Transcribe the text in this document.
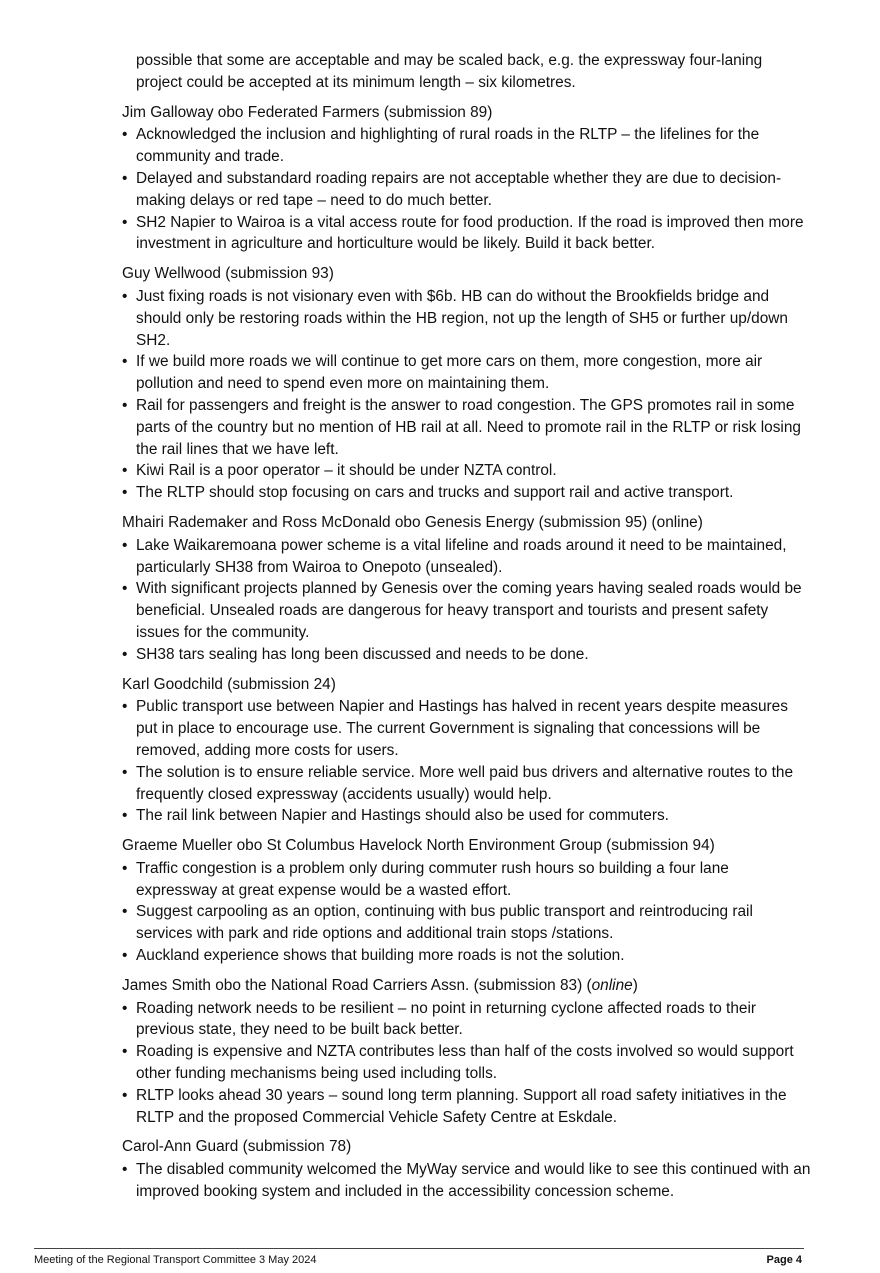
possible that some are acceptable and may be scaled back, e.g. the expressway four-laning project could be accepted at its minimum length – six kilometres.

Jim Galloway obo Federated Farmers (submission 89)

• Acknowledged the inclusion and highlighting of rural roads in the RLTP – the lifelines for the community and trade.
• Delayed and substandard roading repairs are not acceptable whether they are due to decision-making delays or red tape – need to do much better.
• SH2 Napier to Wairoa is a vital access route for food production. If the road is improved then more investment in agriculture and horticulture would be likely. Build it back better.

Guy Wellwood (submission 93)

• Just fixing roads is not visionary even with $6b. HB can do without the Brookfields bridge and should only be restoring roads within the HB region, not up the length of SH5 or further up/down SH2.
• If we build more roads we will continue to get more cars on them, more congestion, more air pollution and need to spend even more on maintaining them.
• Rail for passengers and freight is the answer to road congestion. The GPS promotes rail in some parts of the country but no mention of HB rail at all. Need to promote rail in the RLTP or risk losing the rail lines that we have left.
• Kiwi Rail is a poor operator – it should be under NZTA control.
• The RLTP should stop focusing on cars and trucks and support rail and active transport.

Mhairi Rademaker and Ross McDonald obo Genesis Energy (submission 95) (online)

• Lake Waikaremoana power scheme is a vital lifeline and roads around it need to be maintained, particularly SH38 from Wairoa to Onepoto (unsealed).
• With significant projects planned by Genesis over the coming years having sealed roads would be beneficial. Unsealed roads are dangerous for heavy transport and tourists and present safety issues for the community.
• SH38 tars sealing has long been discussed and needs to be done.

Karl Goodchild (submission 24)

• Public transport use between Napier and Hastings has halved in recent years despite measures put in place to encourage use. The current Government is signaling that concessions will be removed, adding more costs for users.
• The solution is to ensure reliable service. More well paid bus drivers and alternative routes to the frequently closed expressway (accidents usually) would help.
• The rail link between Napier and Hastings should also be used for commuters.

Graeme Mueller obo St Columbus Havelock North Environment Group (submission 94)

• Traffic congestion is a problem only during commuter rush hours so building a four lane expressway at great expense would be a wasted effort.
• Suggest carpooling as an option, continuing with bus public transport and reintroducing rail services with park and ride options and additional train stops /stations.
• Auckland experience shows that building more roads is not the solution.

James Smith obo the National Road Carriers Assn. (submission 83) (online)

• Roading network needs to be resilient – no point in returning cyclone affected roads to their previous state, they need to be built back better.
• Roading is expensive and NZTA contributes less than half of the costs involved so would support other funding mechanisms being used including tolls.
• RLTP looks ahead 30 years – sound long term planning. Support all road safety initiatives in the RLTP and the proposed Commercial Vehicle Safety Centre at Eskdale.

Carol-Ann Guard (submission 78)

• The disabled community welcomed the MyWay service and would like to see this continued with an improved booking system and included in the accessibility concession scheme.
Meeting of the Regional Transport Committee 3 May 2024	Page 4
